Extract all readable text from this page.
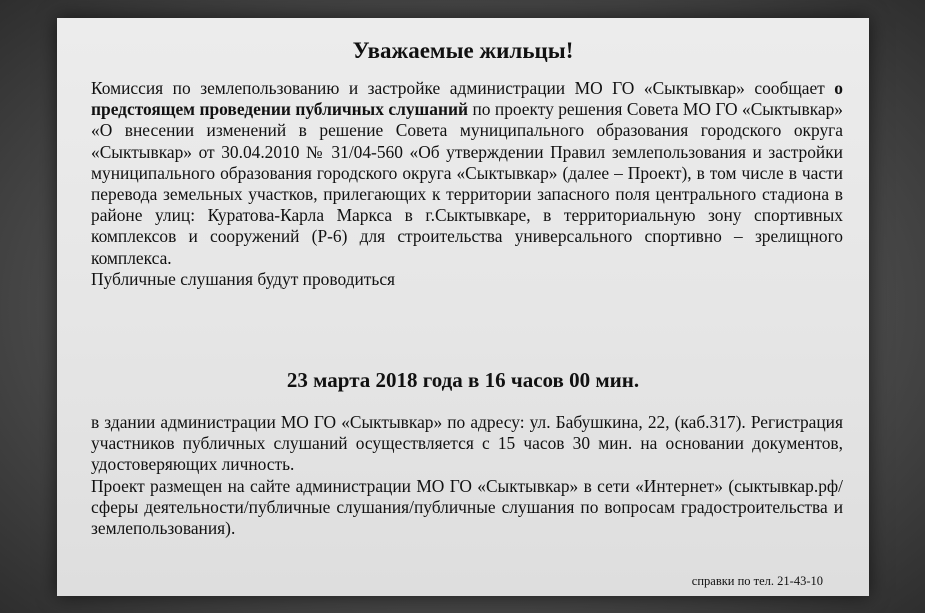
Уважаемые жильцы!

Комиссия по землепользованию и застройке администрации МО ГО «Сыктывкар» сообщает о предстоящем проведении публичных слушаний по проекту решения Совета МО ГО «Сыктывкар» «О внесении изменений в решение Совета муниципального образования городского округа «Сыктывкар» от 30.04.2010 № 31/04-560 «Об утверждении Правил землепользования и застройки муниципального образования городского округа «Сыктывкар» (далее – Проект), в том числе в части перевода земельных участков, прилегающих к территории запасного поля центрального стадиона в районе улиц: Куратова-Карла Маркса в г.Сыктывкаре, в территориальную зону спортивных комплексов и сооружений (Р-6) для строительства универсального спортивно – зрелищного комплекса.

Публичные слушания будут проводиться

23 марта 2018 года в 16 часов 00 мин.

в здании администрации МО ГО «Сыктывкар» по адресу: ул. Бабушкина, 22, (каб.317). Регистрация участников публичных слушаний осуществляется с 15 часов 30 мин. на основании документов, удостоверяющих личность.

Проект размещен на сайте администрации МО ГО «Сыктывкар» в сети «Интернет» (сыктывкар.рф/сферы деятельности/публичные слушания/публичные слушания по вопросам градостроительства и землепользования).

справки по тел. 21-43-10
